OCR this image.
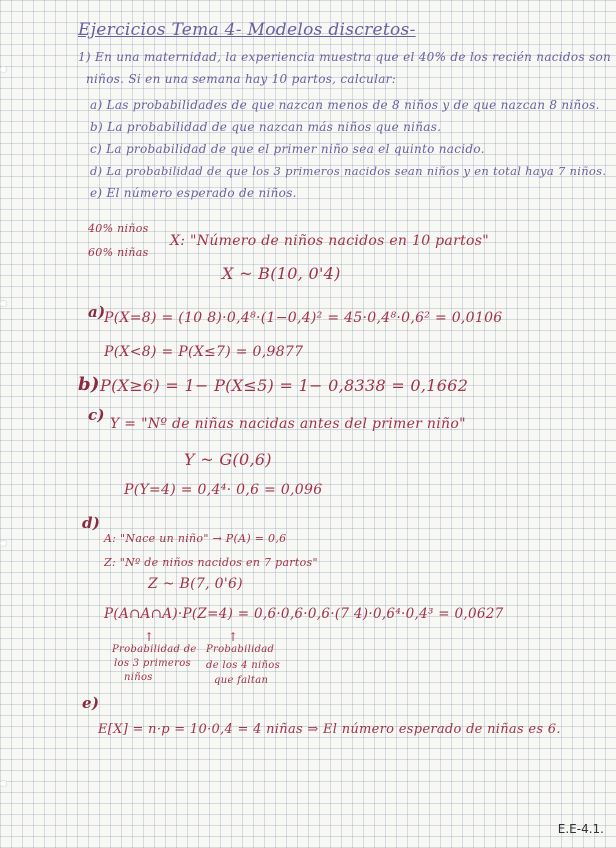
Ejercicios Tema 4- Modelos discretos-
1) En una maternidad, la experiencia muestra que el 40% de los recién nacidos son
niños. Si en una semana hay 10 partos, calcular:
a) Las probabilidades de que nazcan menos de 8 niños y de que nazcan 8 niños.
b) La probabilidad de que nazcan más niños que niñas.
c) La probabilidad de que el primer niño sea el quinto nacido.
d) La probabilidad de que los 3 primeros nacidos sean niños y en total haya 7 niños.
e) El número esperado de niños.
40% niños
60% niñas
X: "Número de niños nacidos en 10 partos"
X ~ B(10, 0'4)
a)
P(X=8) = (10 8)·0,4⁸·(1−0,4)² = 45·0,4⁸·0,6² = 0,0106
P(X<8) = P(X≤7) = 0,9877
b) P(X≥6) = 1− P(X≤5) = 1− 0,8338 = 0,1662
c) Y = "Nº de niñas nacidas antes del primer niño"
Y ~ G(0,6)
P(Y=4) = 0,4⁴· 0,6 = 0,096
d)
A: "Nace un niño" → P(A) = 0,6
Z: "Nº de niños nacidos en 7 partos"
Z ~ B(7, 0'6)
P(A∩A∩A)·P(Z=4) = 0,6·0,6·0,6·(7 4)·0,6⁴·0,4³ = 0,0627
↑	↑
Probabilidad de
los 3 primeros
niños
Probabilidad
de los 4 niños
que faltan
e)
E[X] = n·p = 10·0,4 = 4 niñas ⇒ El número esperado de niñas es 6.
E.E-4.1.
